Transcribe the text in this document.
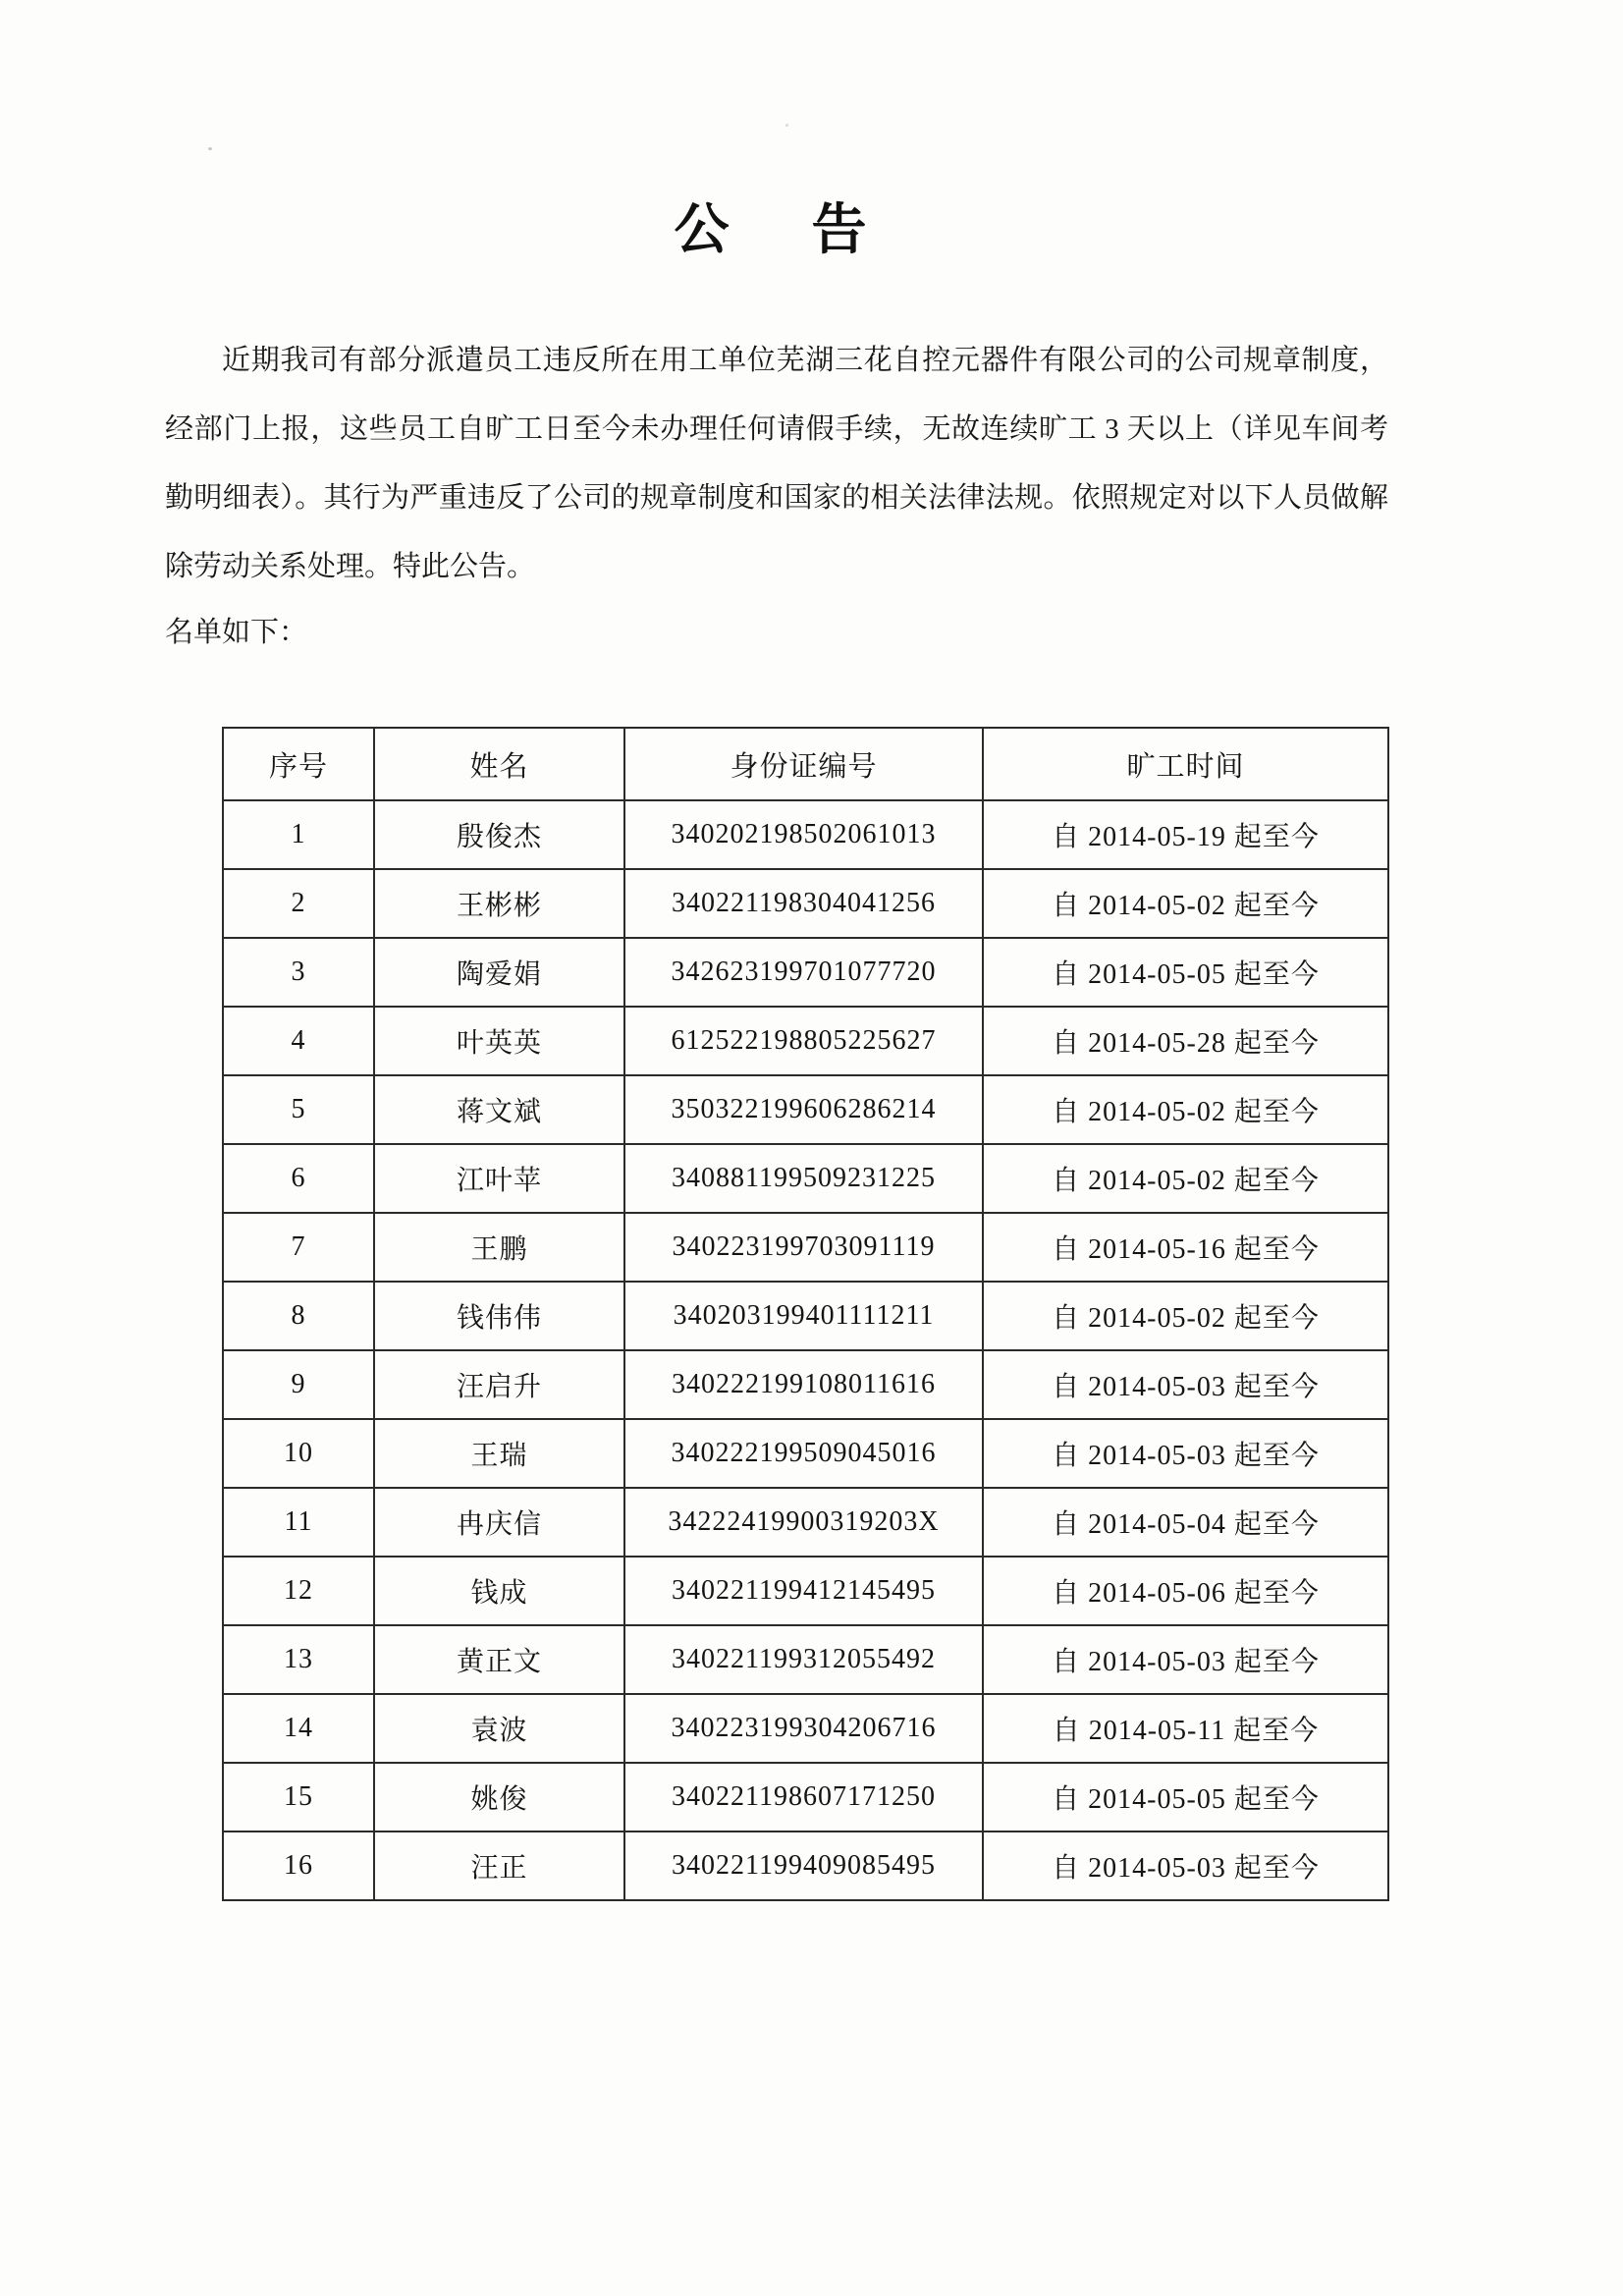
公　告

近期我司有部分派遣员工违反所在用工单位芜湖三花自控元器件有限公司的公司规章制度，经部门上报，这些员工自旷工日至今未办理任何请假手续，无故连续旷工 3 天以上（详见车间考勤明细表）。其行为严重违反了公司的规章制度和国家的相关法律法规。依照规定对以下人员做解除劳动关系处理。特此公告。

名单如下：

序号	姓名	身份证编号	旷工时间
1	殷俊杰	340202198502061013	自 2014-05-19 起至今
2	王彬彬	340221198304041256	自 2014-05-02 起至今
3	陶爱娟	342623199701077720	自 2014-05-05 起至今
4	叶英英	612522198805225627	自 2014-05-28 起至今
5	蒋文斌	350322199606286214	自 2014-05-02 起至今
6	江叶苹	340881199509231225	自 2014-05-02 起至今
7	王鹏	340223199703091119	自 2014-05-16 起至今
8	钱伟伟	340203199401111211	自 2014-05-02 起至今
9	汪启升	340222199108011616	自 2014-05-03 起至今
10	王瑞	340222199509045016	自 2014-05-03 起至今
11	冉庆信	34222419900319203X	自 2014-05-04 起至今
12	钱成	340221199412145495	自 2014-05-06 起至今
13	黄正文	340221199312055492	自 2014-05-03 起至今
14	袁波	340223199304206716	自 2014-05-11 起至今
15	姚俊	340221198607171250	自 2014-05-05 起至今
16	汪正	340221199409085495	自 2014-05-03 起至今
